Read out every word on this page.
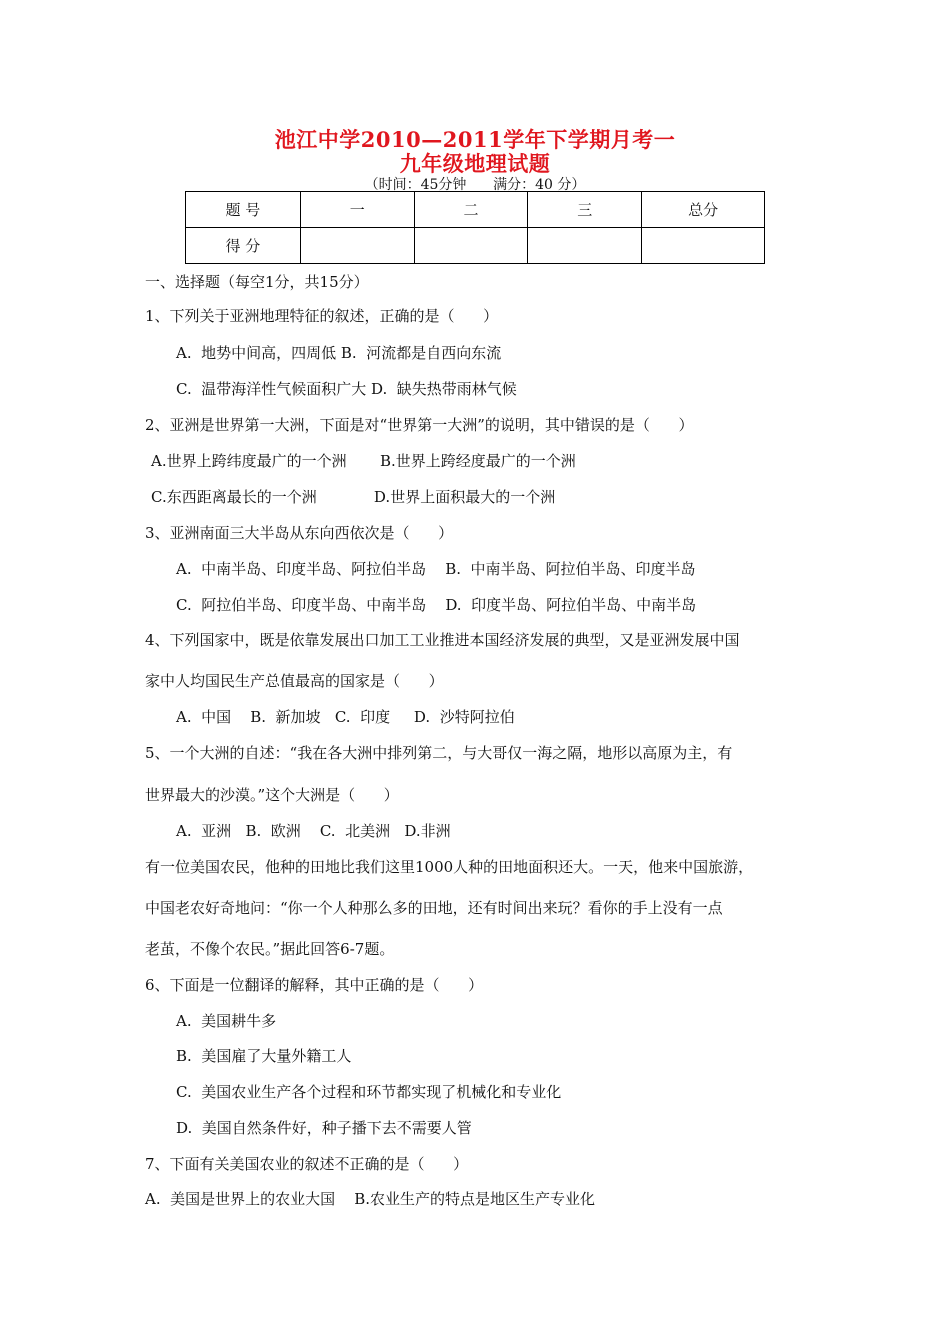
池江中学2010—2011学年下学期月考一
九年级地理试题
（时间：45分钟      满分：40 分）
题 号	一	二	三	总分
得 分				
一、选择题（每空1分，共15分）
1、下列关于亚洲地理特征的叙述，正确的是（      ）
A.  地势中间高，四周低 B.  河流都是自西向东流
C.  温带海洋性气候面积广大 D.  缺失热带雨林气候
2、亚洲是世界第一大洲，下面是对“世界第一大洲”的说明，其中错误的是（      ）
A.世界上跨纬度最广的一个洲       B.世界上跨经度最广的一个洲
C.东西距离最长的一个洲            D.世界上面积最大的一个洲
3、亚洲南面三大半岛从东向西依次是（      ）
A.  中南半岛、印度半岛、阿拉伯半岛    B.  中南半岛、阿拉伯半岛、印度半岛
C.  阿拉伯半岛、印度半岛、中南半岛    D.  印度半岛、阿拉伯半岛、中南半岛
4、下列国家中，既是依靠发展出口加工工业推进本国经济发展的典型，又是亚洲发展中国
家中人均国民生产总值最高的国家是（      ）
A.  中国    B.  新加坡   C.  印度     D.  沙特阿拉伯
5、一个大洲的自述：“我在各大洲中排列第二，与大哥仅一海之隔，地形以高原为主，有
世界最大的沙漠。”这个大洲是（      ）
A.  亚洲   B.  欧洲    C.  北美洲   D.非洲
有一位美国农民，他种的田地比我们这里1000人种的田地面积还大。一天，他来中国旅游，
中国老农好奇地问：“你一个人种那么多的田地，还有时间出来玩？看你的手上没有一点
老茧，不像个农民。”据此回答6-7题。
6、下面是一位翻译的解释，其中正确的是（      ）
A.  美国耕牛多
B.  美国雇了大量外籍工人
C.  美国农业生产各个过程和环节都实现了机械化和专业化
D.  美国自然条件好，种子播下去不需要人管
7、下面有关美国农业的叙述不正确的是（      ）
A.  美国是世界上的农业大国    B.农业生产的特点是地区生产专业化
